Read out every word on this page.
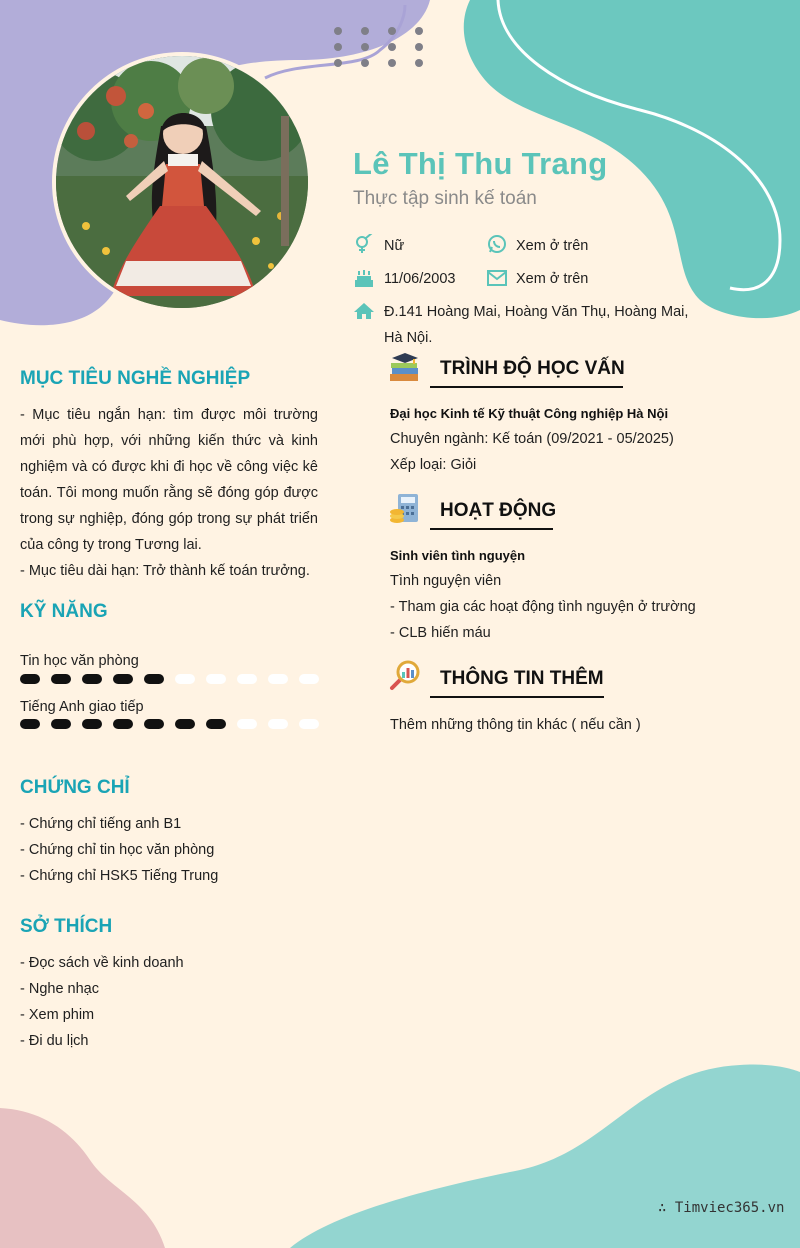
Lê Thị Thu Trang
Thực tập sinh kế toán
Nữ	Xem ở trên
11/06/2003	Xem ở trên
Đ.141 Hoàng Mai, Hoàng Văn Thụ, Hoàng Mai,
Hà Nội.
MỤC TIÊU NGHỀ NGHIỆP
- Mục tiêu ngắn hạn: tìm được môi trường mới phù hợp, với những kiến thức và kinh nghiệm và có được khi đi học về công việc kê toán. Tôi mong muốn rằng sẽ đóng góp được trong sự nghiệp, đóng góp trong sự phát triển của công ty trong Tương lai.
- Mục tiêu dài hạn: Trở thành kế toán trưởng.
KỸ NĂNG
Tin học văn phòng
Tiếng Anh giao tiếp
CHỨNG CHỈ
- Chứng chỉ tiếng anh B1
- Chứng chỉ tin học văn phòng
- Chứng chỉ HSK5 Tiếng Trung
SỞ THÍCH
- Đọc sách về kinh doanh
- Nghe nhạc
- Xem phim
- Đi du lịch
TRÌNH ĐỘ HỌC VẤN
Đại học Kinh tế Kỹ thuật Công nghiệp Hà Nội
Chuyên ngành: Kế toán (09/2021 - 05/2025)
Xếp loại: Giỏi
HOẠT ĐỘNG
Sinh viên tình nguyện
Tình nguyện viên
- Tham gia các hoạt động tình nguyện ở trường
- CLB hiến máu
THÔNG TIN THÊM
Thêm những thông tin khác ( nếu cần )
∴ Timviec365.vn
